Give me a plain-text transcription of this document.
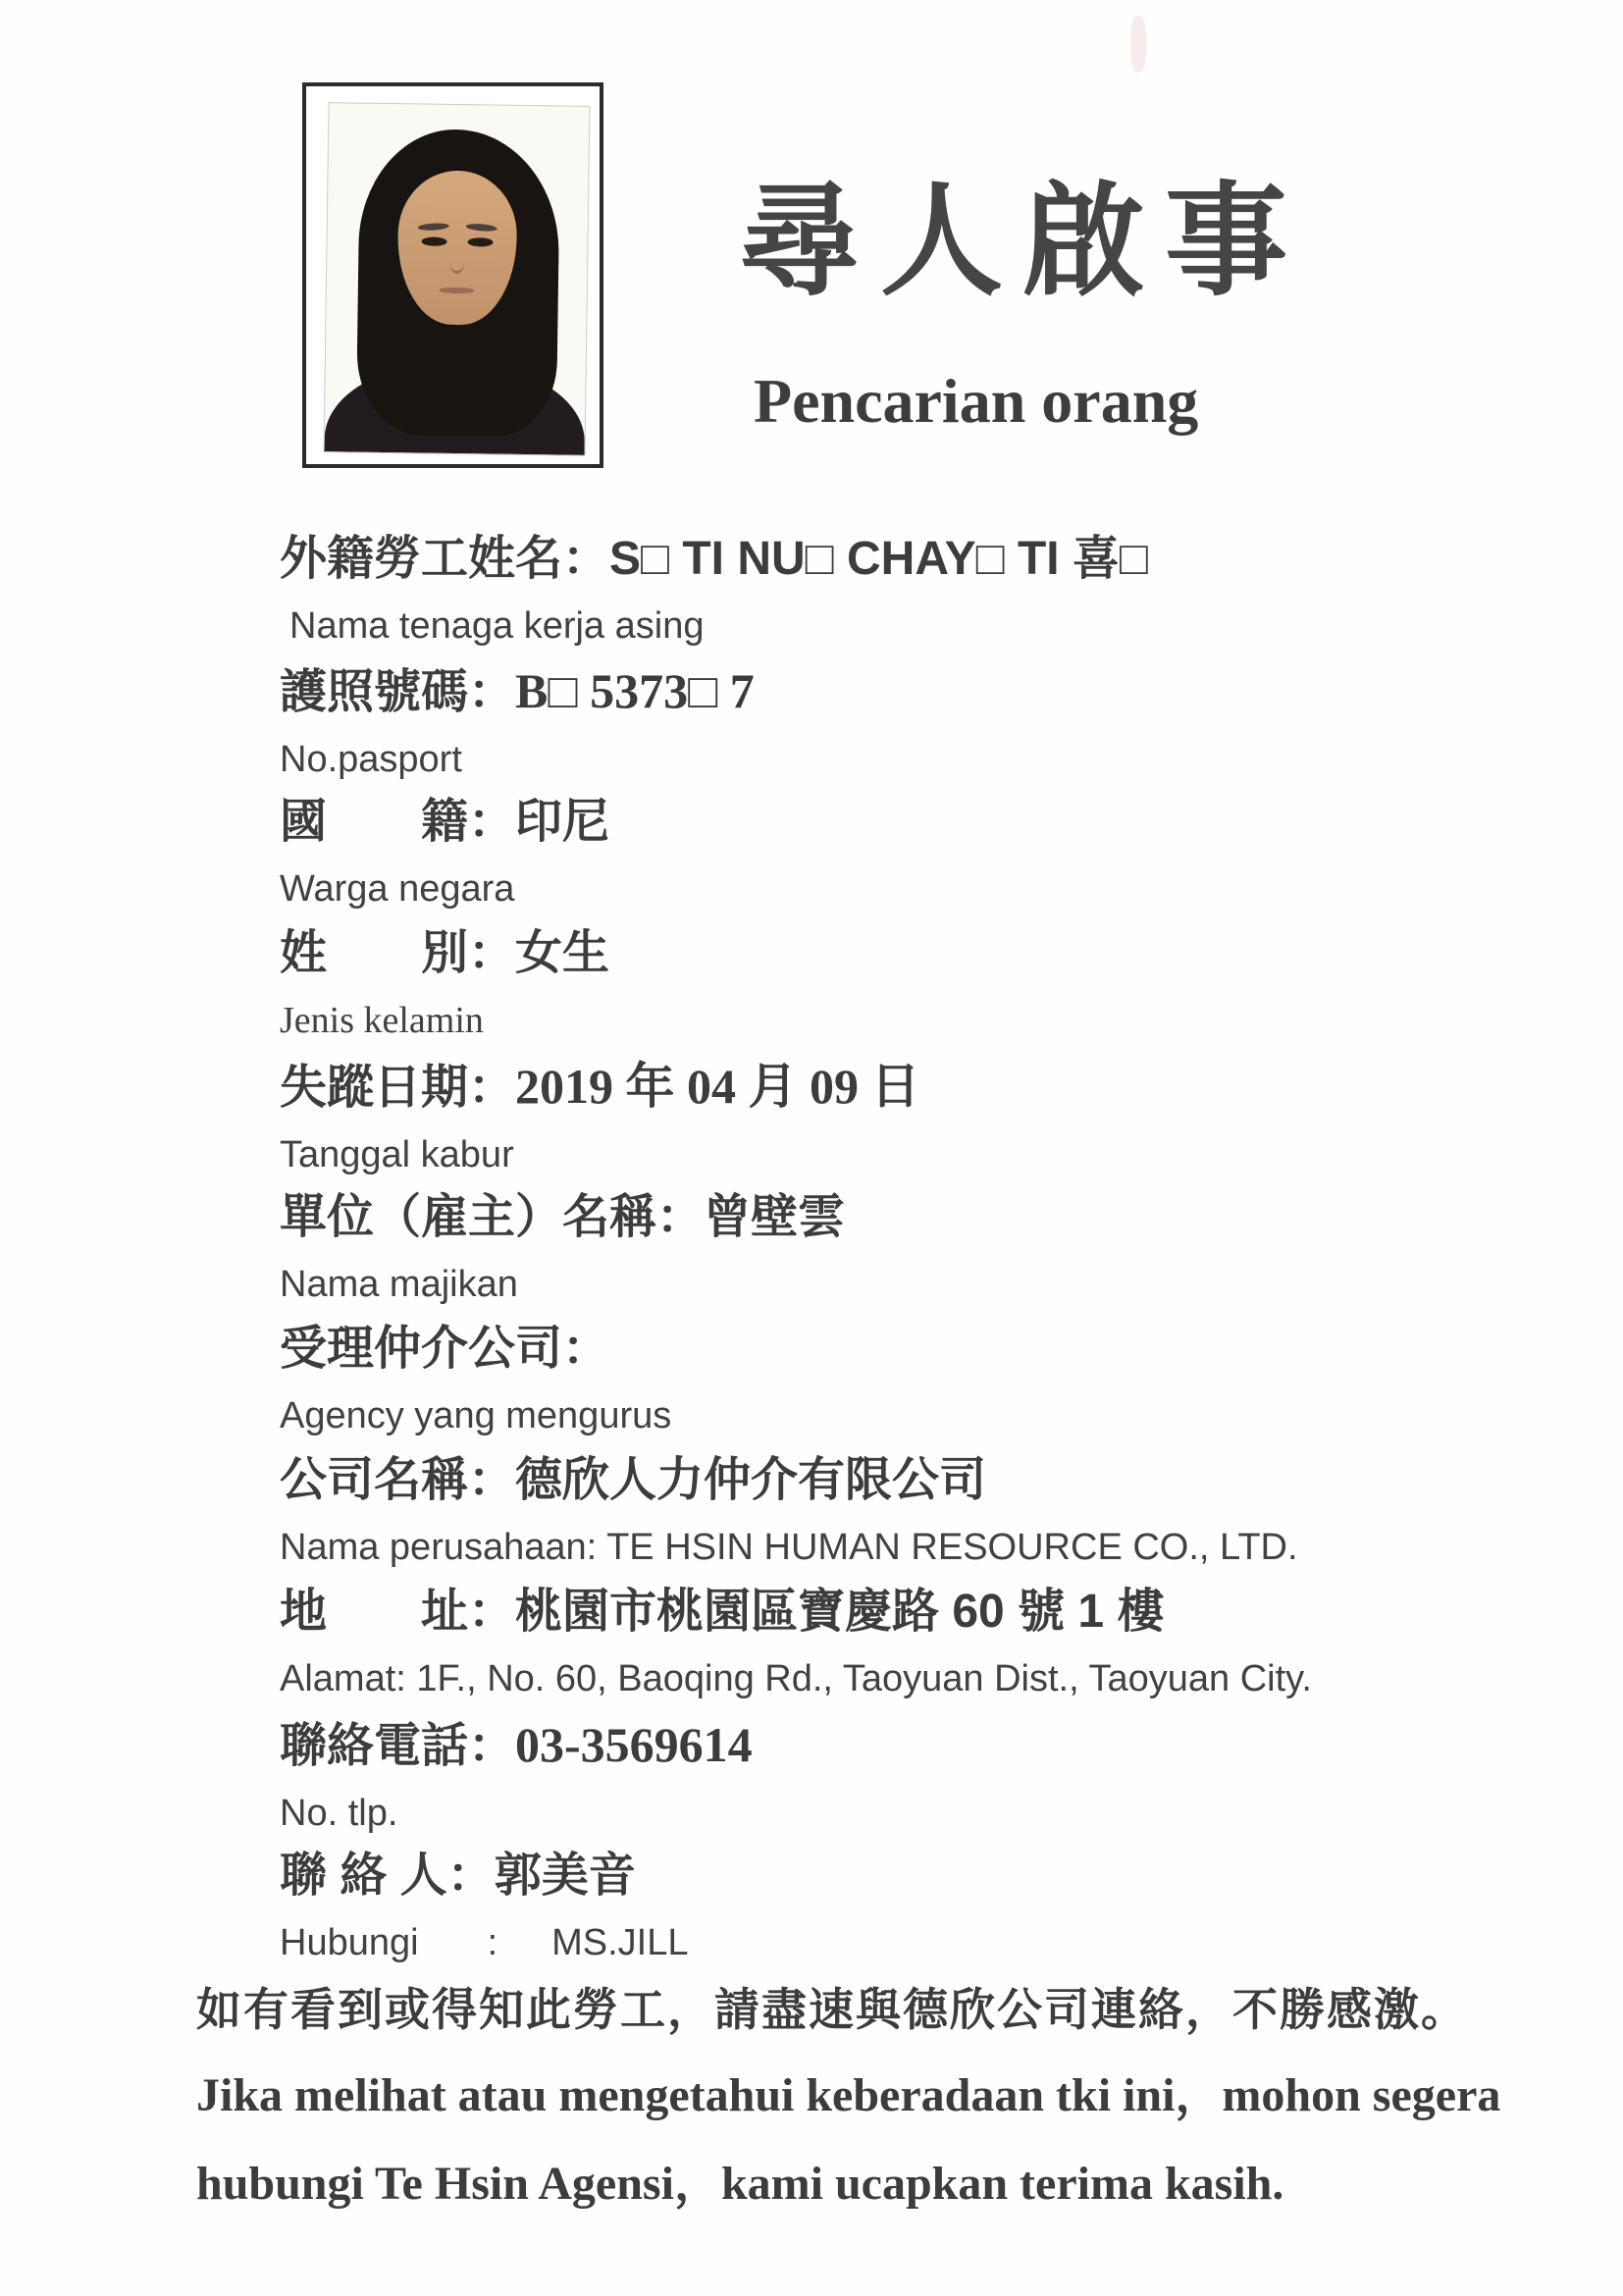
尋人啟事
Pencarian orang
外籍勞工姓名：S□ TI NU□ CHAY□ TI 喜□
Nama tenaga kerja asing
護照號碼：B□ 5373□ 7
No.pasport
國　　籍：印尼
Warga negara
姓　　別：女生
Jenis kelamin
失蹤日期：2019 年 04 月 09 日
Tanggal kabur
單位（雇主）名稱：曾壁雲
Nama majikan
受理仲介公司：
Agency yang mengurus
公司名稱：德欣人力仲介有限公司
Nama perusahaan: TE HSIN HUMAN RESOURCE CO., LTD.
地　　址：桃園市桃園區寶慶路 60 號 1 樓
Alamat: 1F., No. 60, Baoqing Rd., Taoyuan Dist., Taoyuan City.
聯絡電話：03-3569614
No. tlp.
聯 絡 人：郭美音
Hubungi : MS.JILL
如有看到或得知此勞工，請盡速與德欣公司連絡，不勝感激。
Jika melihat atau mengetahui keberadaan tki ini，mohon segera
hubungi Te Hsin Agensi，kami ucapkan terima kasih.
